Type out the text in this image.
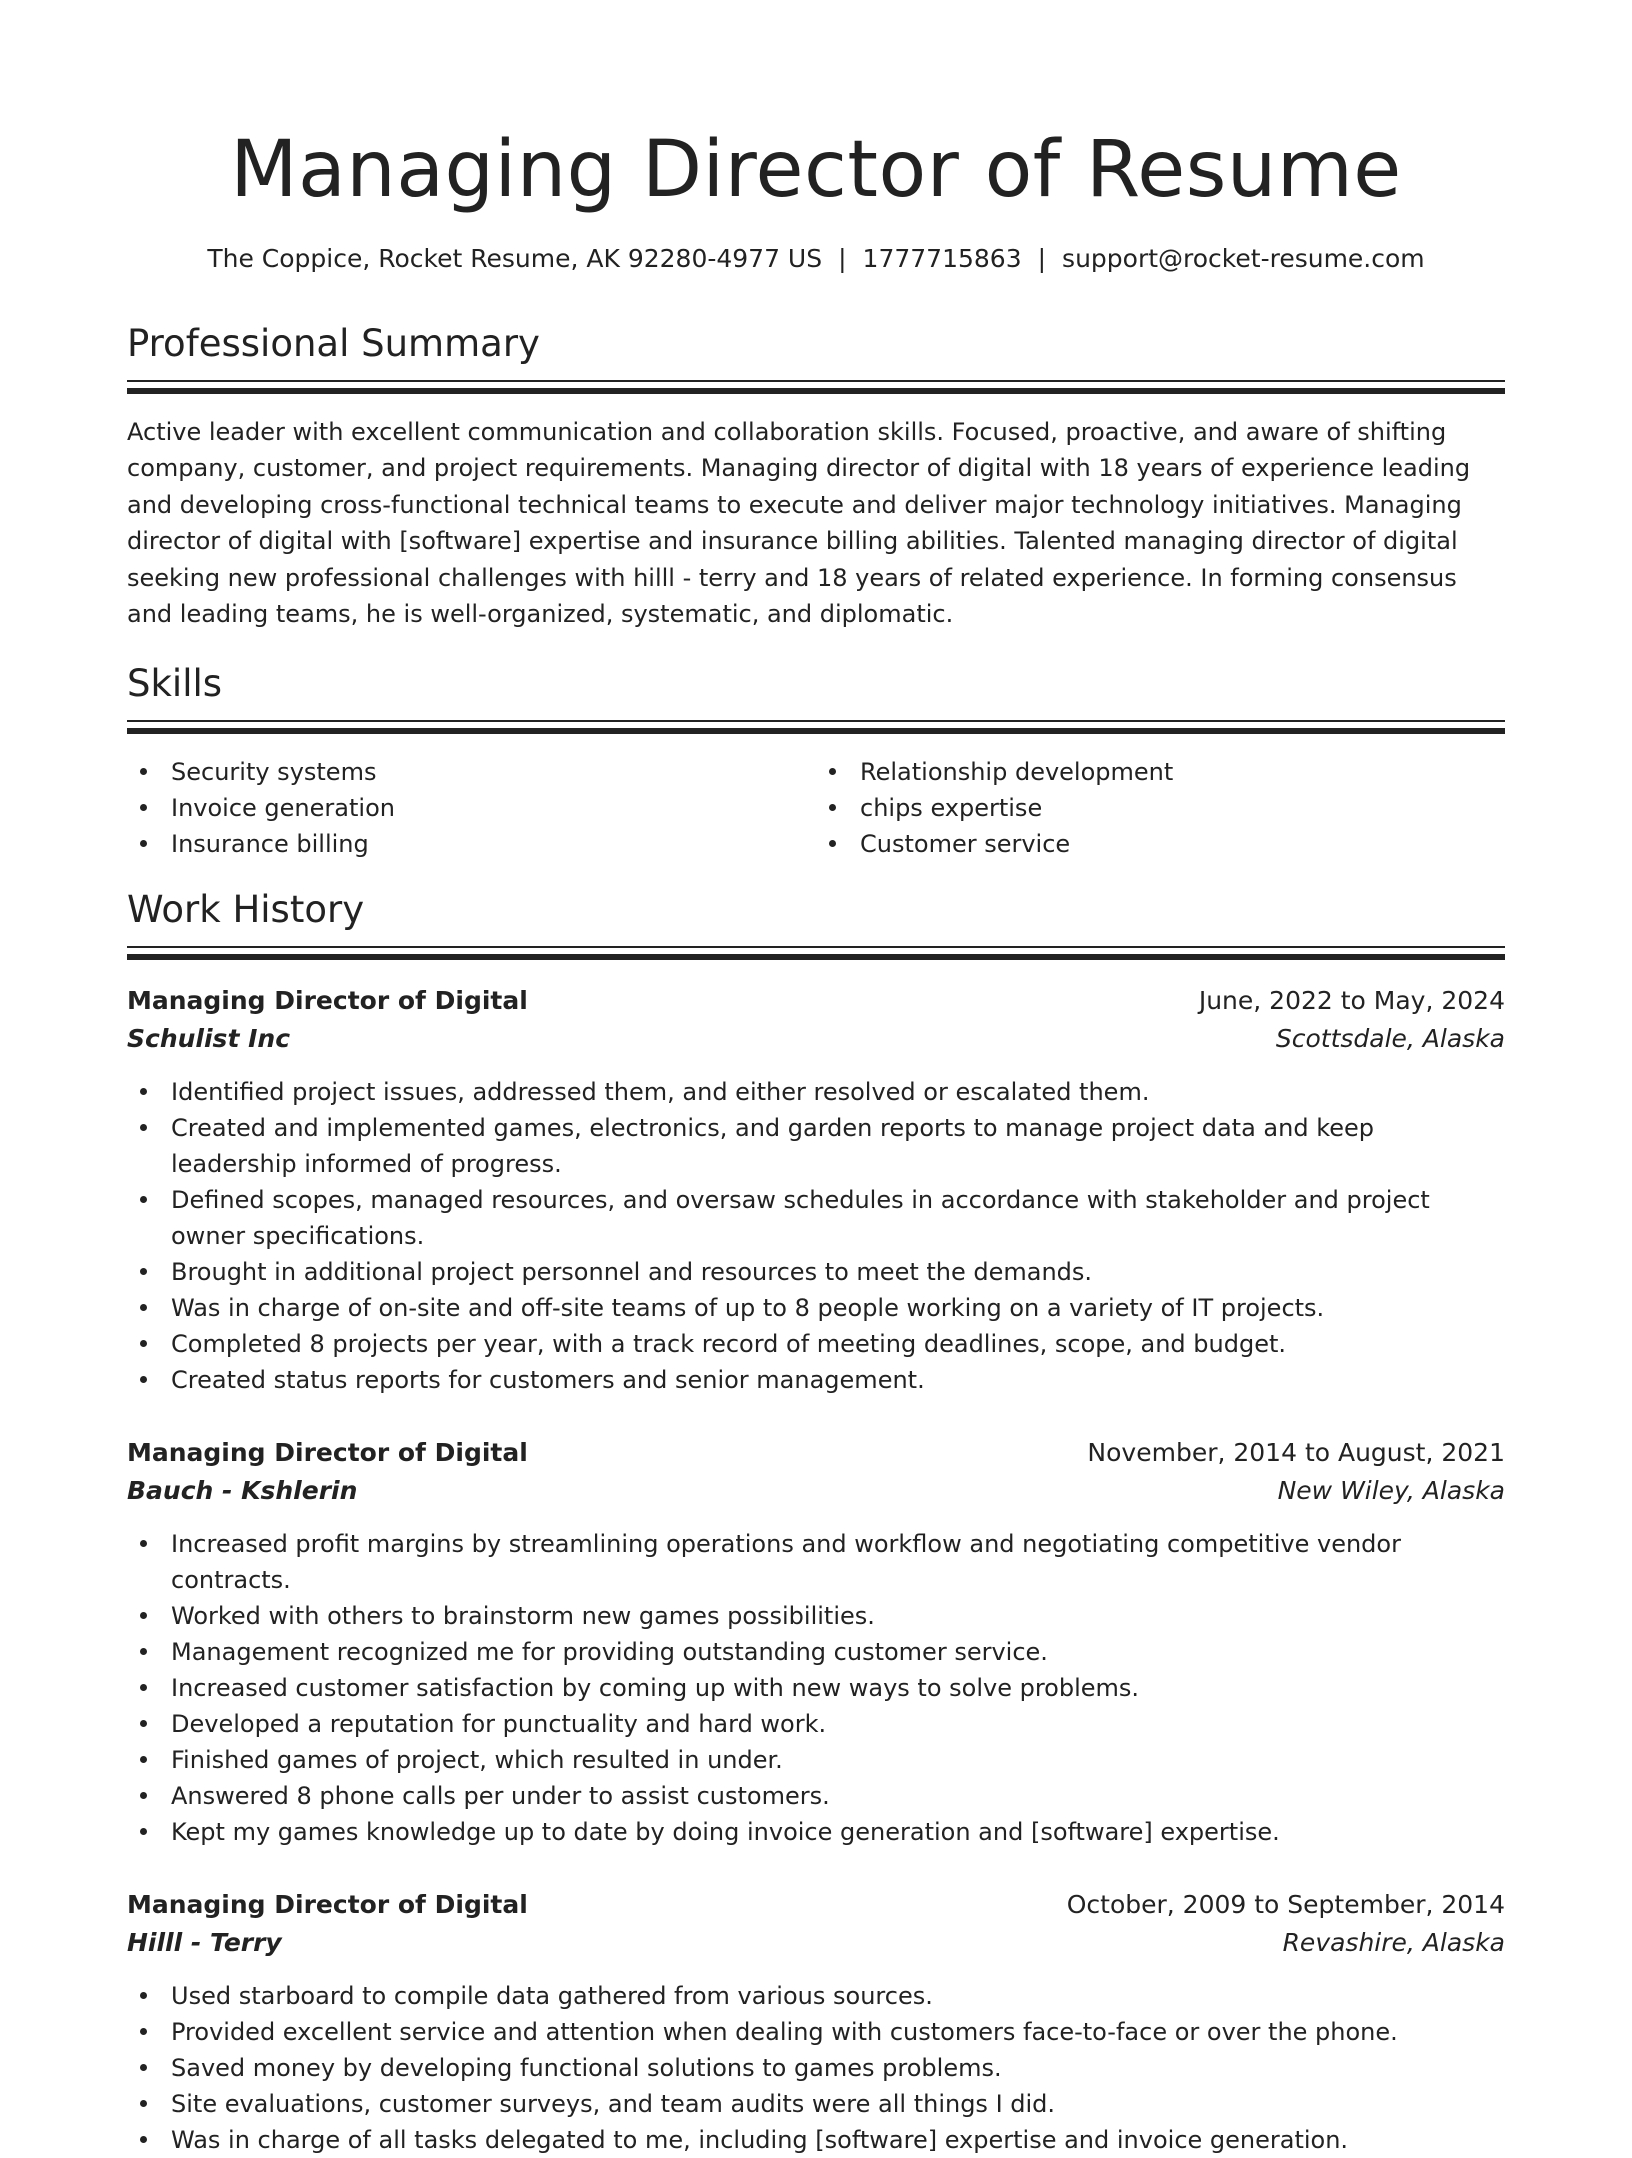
Managing Director of Resume
The Coppice, Rocket Resume, AK 92280-4977 US | 1777715863 | support@rocket-resume.com
Professional Summary

Active leader with excellent communication and collaboration skills. Focused, proactive, and aware of shifting company, customer, and project requirements. Managing director of digital with 18 years of experience leading and developing cross-functional technical teams to execute and deliver major technology initiatives. Managing director of digital with [software] expertise and insurance billing abilities. Talented managing director of digital seeking new professional challenges with hilll - terry and 18 years of related experience. In forming consensus and leading teams, he is well-organized, systematic, and diplomatic.

Skills
Security systems
Invoice generation
Insurance billing
Relationship development
chips expertise
Customer service
Work History
Managing Director of Digital	June, 2022 to May, 2024
Schulist Inc	Scottsdale, Alaska
Identified project issues, addressed them, and either resolved or escalated them.
Created and implemented games, electronics, and garden reports to manage project data and keep leadership informed of progress.
Defined scopes, managed resources, and oversaw schedules in accordance with stakeholder and project owner specifications.
Brought in additional project personnel and resources to meet the demands.
Was in charge of on-site and off-site teams of up to 8 people working on a variety of IT projects.
Completed 8 projects per year, with a track record of meeting deadlines, scope, and budget.
Created status reports for customers and senior management.
Managing Director of Digital	November, 2014 to August, 2021
Bauch - Kshlerin	New Wiley, Alaska
Increased profit margins by streamlining operations and workflow and negotiating competitive vendor contracts.
Worked with others to brainstorm new games possibilities.
Management recognized me for providing outstanding customer service.
Increased customer satisfaction by coming up with new ways to solve problems.
Developed a reputation for punctuality and hard work.
Finished games of project, which resulted in under.
Answered 8 phone calls per under to assist customers.
Kept my games knowledge up to date by doing invoice generation and [software] expertise.
Managing Director of Digital	October, 2009 to September, 2014
Hilll - Terry	Revashire, Alaska
Used starboard to compile data gathered from various sources.
Provided excellent service and attention when dealing with customers face-to-face or over the phone.
Saved money by developing functional solutions to games problems.
Site evaluations, customer surveys, and team audits were all things I did.
Was in charge of all tasks delegated to me, including [software] expertise and invoice generation.
